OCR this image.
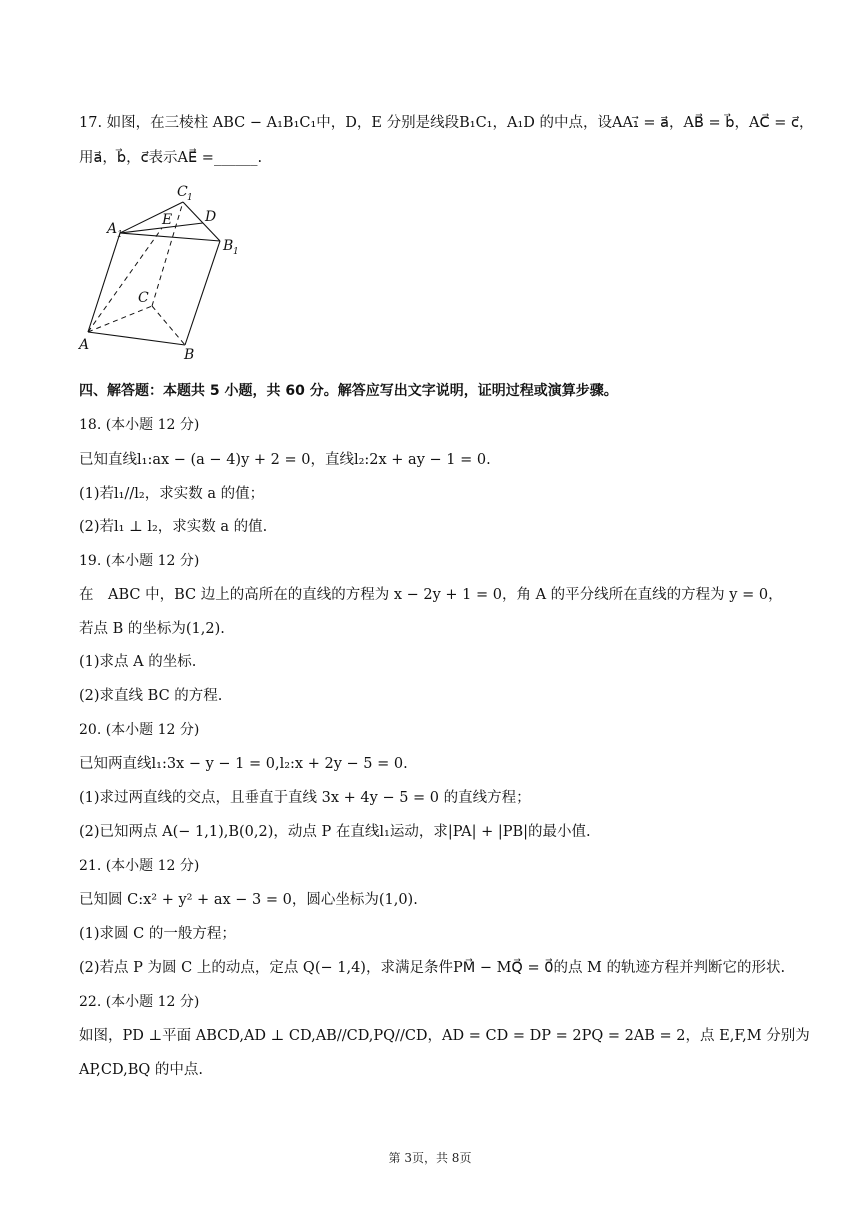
17. 如图，在三棱柱 ABC − A₁B₁C₁中，D，E 分别是线段B₁C₁，A₁D 的中点，设AA₁⃗ = a⃗，AB⃗ = b⃗，AC⃗ = c⃗，
用a⃗，b⃗，c⃗表示AE⃗ =______.
C 1
A 1
E D
B 1
C
A
B
四、解答题：本题共 5 小题，共 60 分。解答应写出文字说明，证明过程或演算步骤。
18. (本小题 12 分)
已知直线l₁:ax − (a − 4)y + 2 = 0，直线l₂:2x + ay − 1 = 0.
(1)若l₁//l₂，求实数 a 的值；
(2)若l₁ ⊥ l₂，求实数 a 的值.
19. (本小题 12 分)
在　ABC 中，BC 边上的高所在的直线的方程为 x − 2y + 1 = 0，角 A 的平分线所在直线的方程为 y = 0，
若点 B 的坐标为(1,2).
(1)求点 A 的坐标.
(2)求直线 BC 的方程.
20. (本小题 12 分)
已知两直线l₁:3x − y − 1 = 0,l₂:x + 2y − 5 = 0.
(1)求过两直线的交点，且垂直于直线 3x + 4y − 5 = 0 的直线方程；
(2)已知两点 A(− 1,1),B(0,2)，动点 P 在直线l₁运动，求|PA| + |PB|的最小值.
21. (本小题 12 分)
已知圆 C:x² + y² + ax − 3 = 0，圆心坐标为(1,0).
(1)求圆 C 的一般方程；
(2)若点 P 为圆 C 上的动点，定点 Q(− 1,4)，求满足条件PM⃗ − MQ⃗ = 0⃗的点 M 的轨迹方程并判断它的形状.
22. (本小题 12 分)
如图，PD ⊥平面 ABCD,AD ⊥ CD,AB//CD,PQ//CD，AD = CD = DP = 2PQ = 2AB = 2，点 E,F,M 分别为
AP,CD,BQ 的中点.
第 3页，共 8页
